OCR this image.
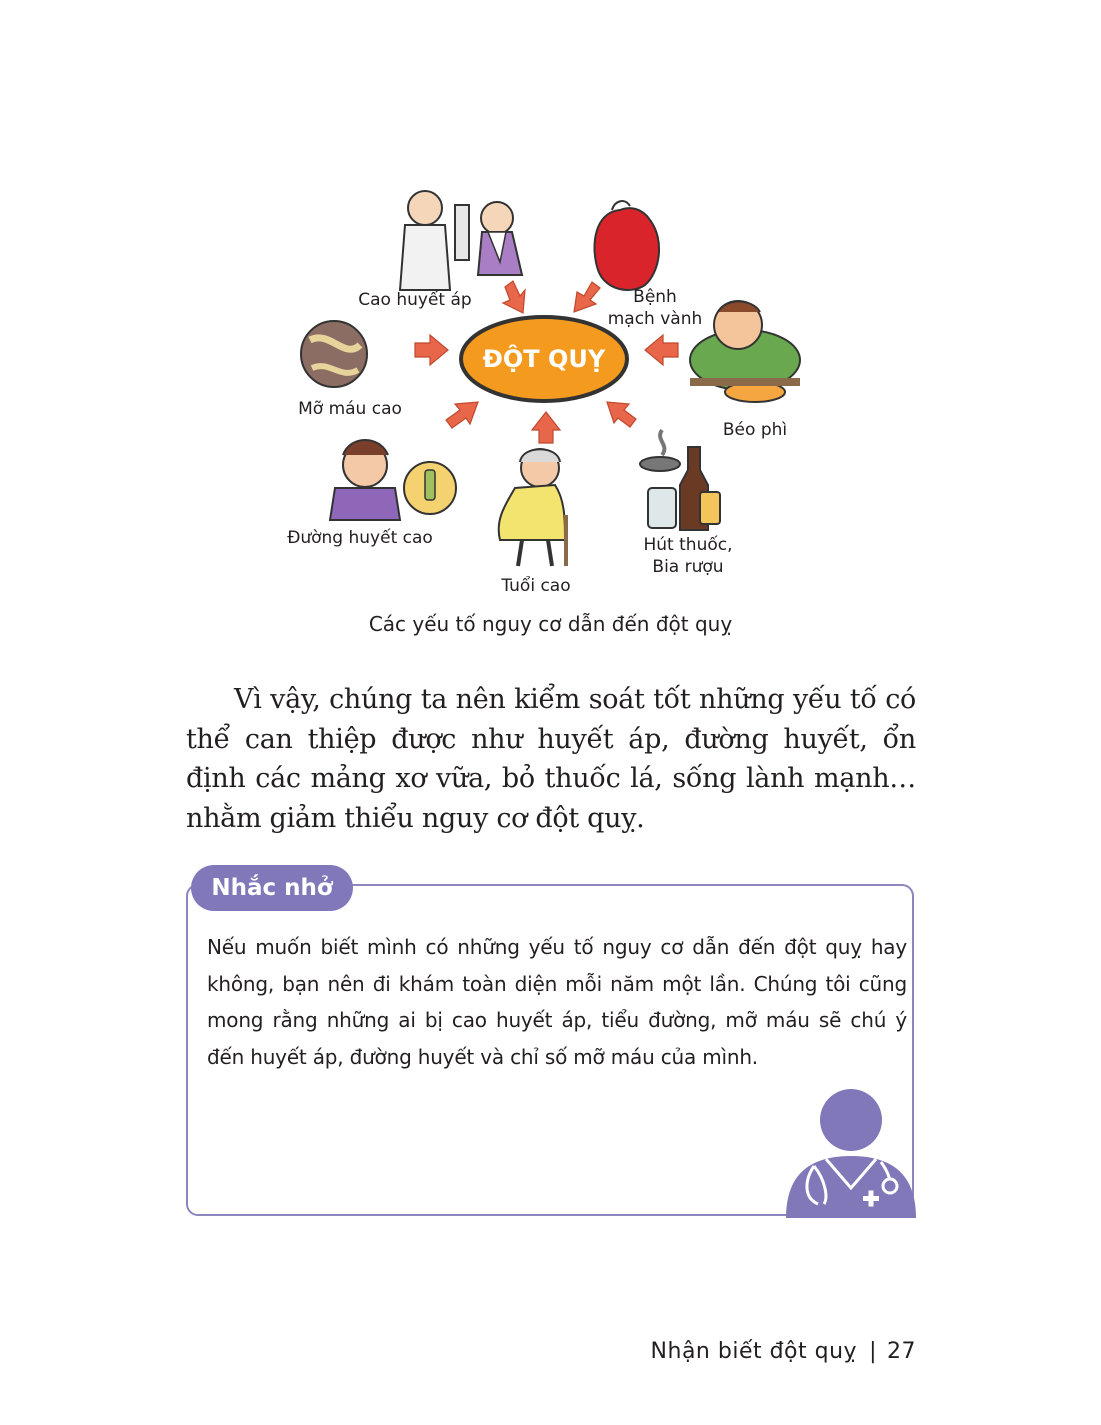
ĐỘT QUỴ
Cao huyết áp	Bệnh
mạch vành
Mỡ máu cao
Béo phì
Đường huyết cao
Tuổi cao
Hút thuốc,
Bia rượu
Các yếu tố nguy cơ dẫn đến đột quỵ
Vì vậy, chúng ta nên kiểm soát tốt những yếu tố có thể can thiệp được như huyết áp, đường huyết, ổn định các mảng xơ vữa, bỏ thuốc lá, sống lành mạnh… nhằm giảm thiểu nguy cơ đột quỵ.
Nhắc nhở
Nếu muốn biết mình có những yếu tố nguy cơ dẫn đến đột quỵ hay không, bạn nên đi khám toàn diện mỗi năm một lần. Chúng tôi cũng mong rằng những ai bị cao huyết áp, tiểu đường, mỡ máu sẽ chú ý đến huyết áp, đường huyết và chỉ số mỡ máu của mình.
Nhận biết đột quỵ | 27
